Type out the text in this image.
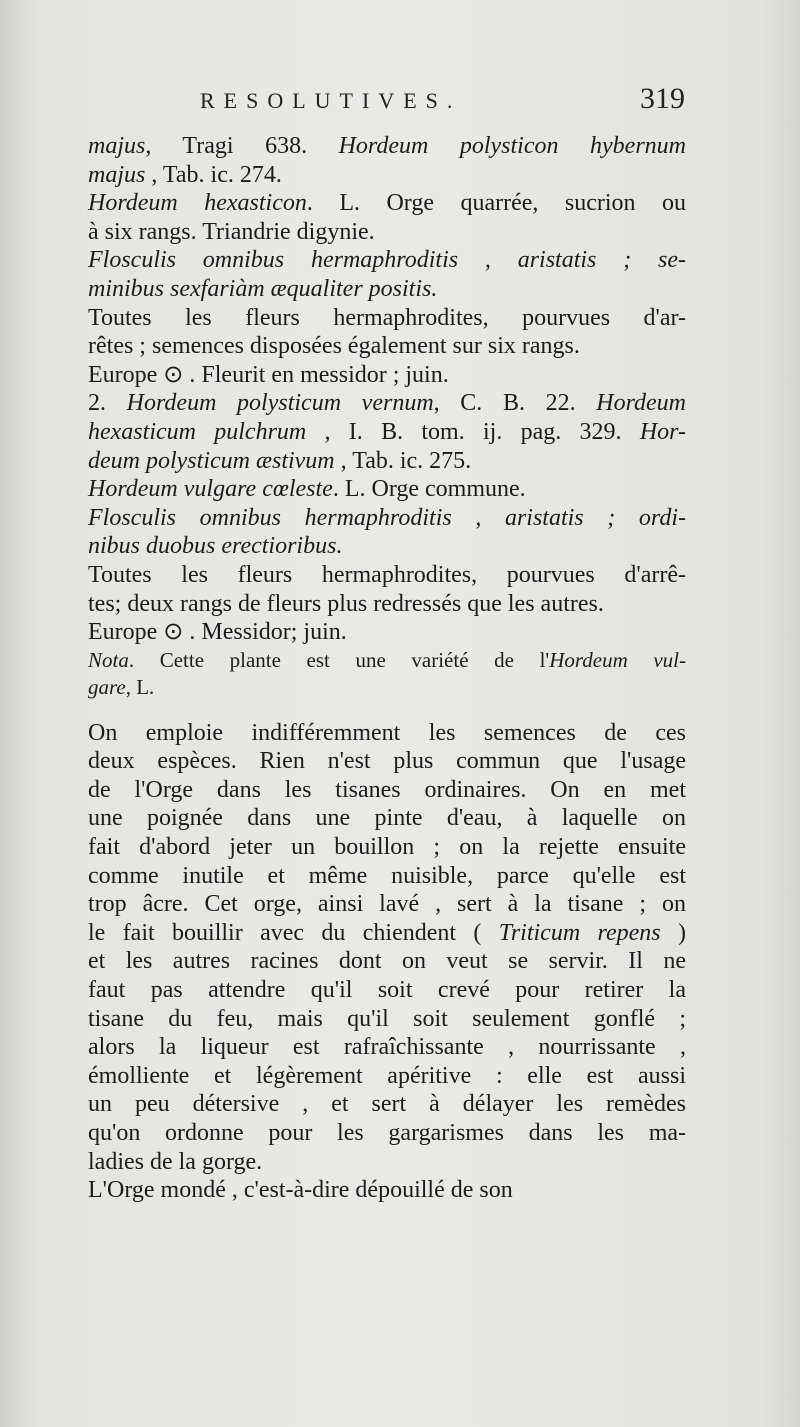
RESOLUTIVES.	319

majus, Tragi 638. Hordeum polysticon hybernum
majus , Tab. ic. 274.

Hordeum hexasticon. L. Orge quarrée, sucrion ou
à six rangs. Triandrie digynie.

Flosculis omnibus hermaphroditis , aristatis ; se-
minibus sexfariàm æqualiter positis.

Toutes les fleurs hermaphrodites, pourvues d'ar-
rêtes ; semences disposées également sur six rangs.

Europe ⊙ . Fleurit en messidor ; juin.

2. Hordeum polysticum vernum, C. B. 22. Hordeum
hexasticum pulchrum , I. B. tom. ij. pag. 329. Hor-
deum polysticum æstivum , Tab. ic. 275.

Hordeum vulgare cœleste. L. Orge commune.

Flosculis omnibus hermaphroditis , aristatis ; ordi-
nibus duobus erectioribus.

Toutes les fleurs hermaphrodites, pourvues d'arrê-
tes; deux rangs de fleurs plus redressés que les autres.

Europe ⊙ . Messidor; juin.

Nota. Cette plante est une variété de l'Hordeum vul-
gare, L.

On emploie indifféremment les semences de ces
deux espèces. Rien n'est plus commun que l'usage
de l'Orge dans les tisanes ordinaires. On en met
une poignée dans une pinte d'eau, à laquelle on
fait d'abord jeter un bouillon ; on la rejette ensuite
comme inutile et même nuisible, parce qu'elle est
trop âcre. Cet orge, ainsi lavé , sert à la tisane ; on
le fait bouillir avec du chiendent ( Triticum repens )
et les autres racines dont on veut se servir. Il ne
faut pas attendre qu'il soit crevé pour retirer la
tisane du feu, mais qu'il soit seulement gonflé ;
alors la liqueur est rafraîchissante , nourrissante ,
émolliente et légèrement apéritive : elle est aussi
un peu détersive , et sert à délayer les remèdes
qu'on ordonne pour les gargarismes dans les ma-
ladies de la gorge.

L'Orge mondé , c'est-à-dire dépouillé de son
